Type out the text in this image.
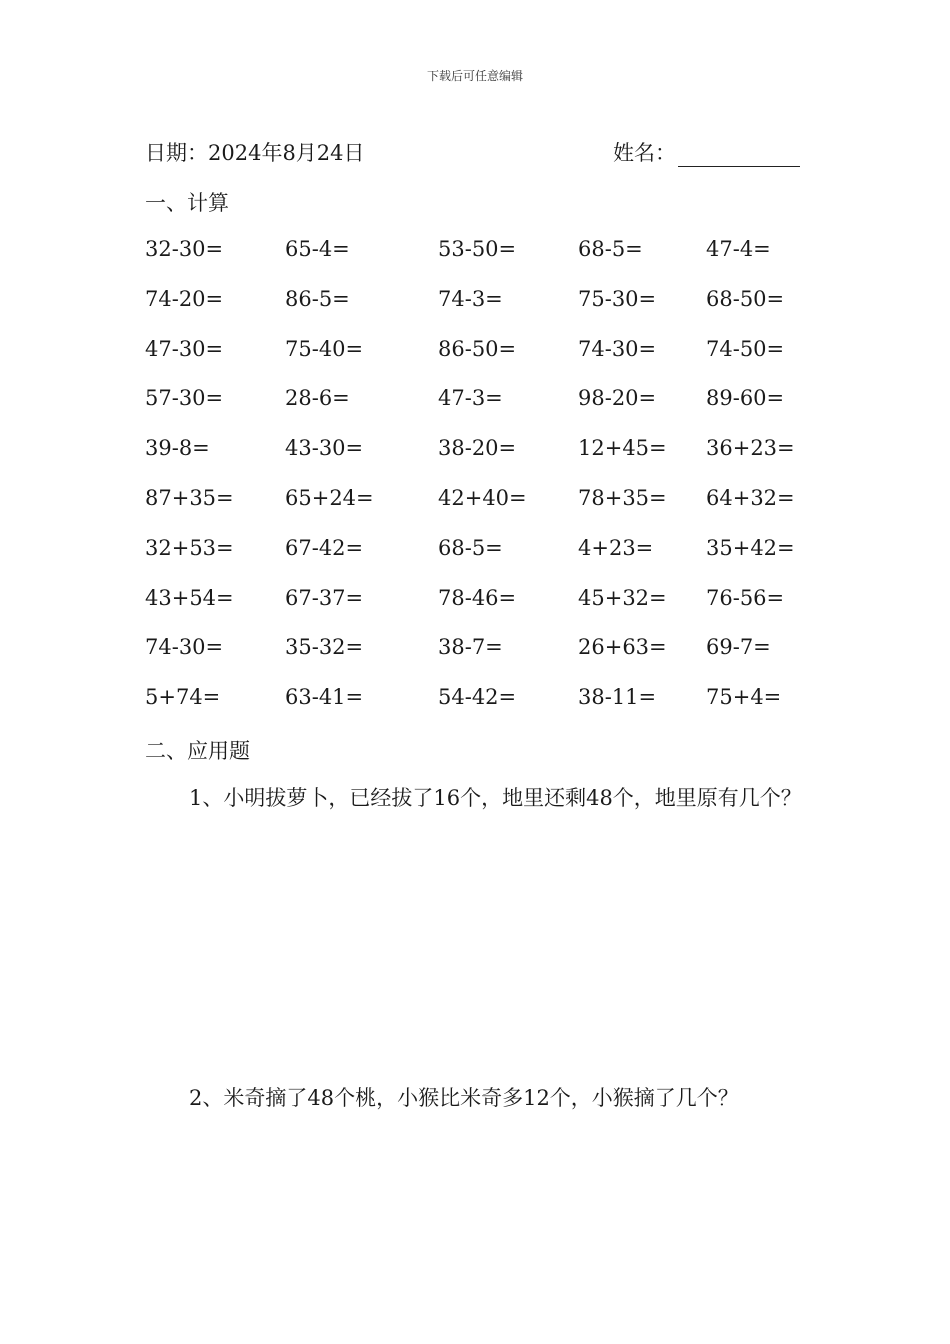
下载后可任意编辑
日期：2024年8月24日	姓名：
一、计算
32-30=	65-4=	53-50=	68-5=	47-4=
74-20=	86-5=	74-3=	75-30= 68-50=
47-30=	75-40=	86-50=	74-30= 74-50=
57-30=	28-6=	47-3=	98-20= 89-60=
39-8=	43-30=	38-20=	12+45= 36+23=
87+35= 65+24=	42+40= 78+35= 64+32=
32+53= 67-42=	68-5=	4+23=	35+42=
43+54= 67-37=	78-46=	45+32= 76-56=
74-30=	35-32=	38-7=	26+63= 69-7=
5+74=	63-41=	54-42=	38-11= 75+4=
二、应用题
1、小明拔萝卜，已经拔了16个，地里还剩48个，地里原有几个？
2、米奇摘了48个桃，小猴比米奇多12个，小猴摘了几个？
